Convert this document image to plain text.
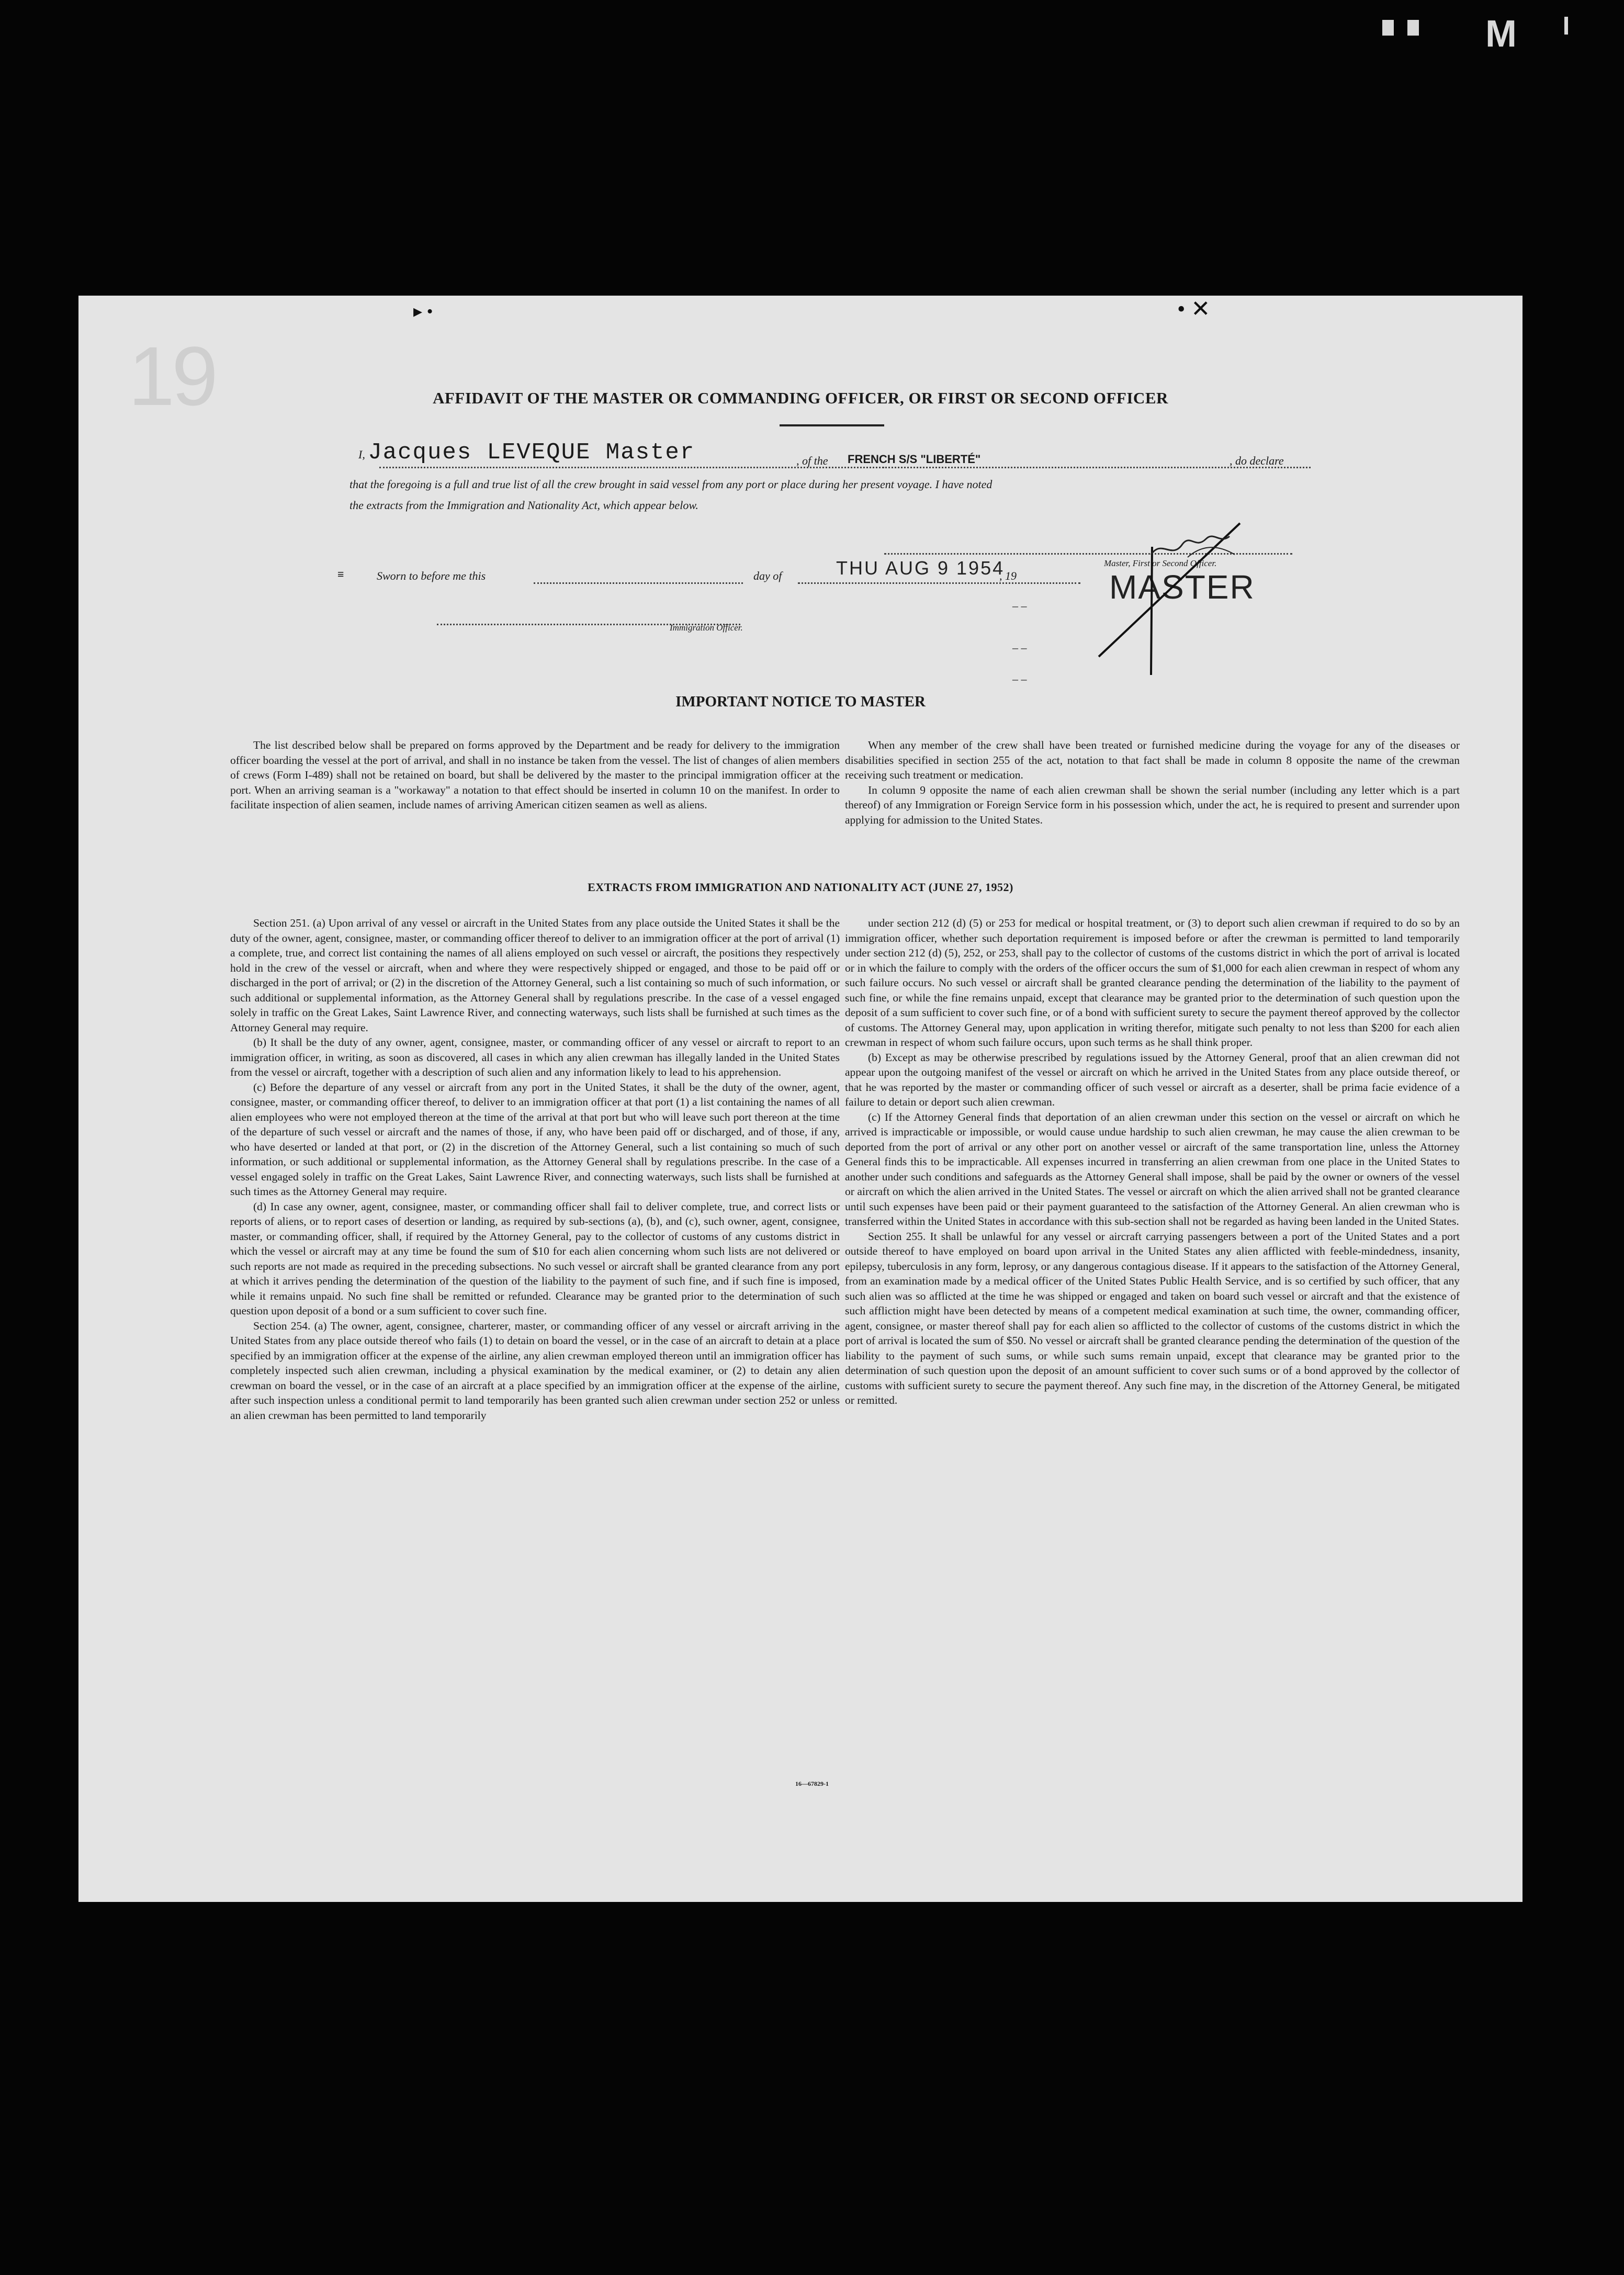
M
19
▸ •	• ✕
AFFIDAVIT OF THE MASTER OR COMMANDING OFFICER, OR FIRST OR SECOND OFFICER
I, Jacques LEVEQUE Master	, of the FRENCH S/S "LIBERTÉ"	, do declare
that the foregoing is a full and true list of all the crew brought in said vessel from any port or place during her present voyage. I have noted
the extracts from the Immigration and Nationality Act, which appear below.
≡	Sworn to before me this	day of	THU AUG 9 1954
, 19
Immigration Officer.
Master, First or Second Officer.
MASTER
– –
– –
– –
IMPORTANT NOTICE TO MASTER

The list described below shall be prepared on forms approved by the Department and be ready for delivery to the immigration officer boarding the vessel at the port of arrival, and shall in no instance be taken from the vessel. The list of changes of alien members of crews (Form I-489) shall not be retained on board, but shall be delivered by the master to the principal immigration officer at the port. When an arriving seaman is a "workaway" a notation to that effect should be inserted in column 10 on the manifest. In order to facilitate inspection of alien seamen, include names of arriving American citizen seamen as well as aliens.

When any member of the crew shall have been treated or furnished medicine during the voyage for any of the diseases or disabilities specified in section 255 of the act, notation to that fact shall be made in column 8 opposite the name of the crewman receiving such treatment or medication.

In column 9 opposite the name of each alien crewman shall be shown the serial number (including any letter which is a part thereof) of any Immigration or Foreign Service form in his possession which, under the act, he is required to present and surrender upon applying for admission to the United States.

EXTRACTS FROM IMMIGRATION AND NATIONALITY ACT (JUNE 27, 1952)

Section 251. (a) Upon arrival of any vessel or aircraft in the United States from any place outside the United States it shall be the duty of the owner, agent, consignee, master, or commanding officer thereof to deliver to an immigration officer at the port of arrival (1) a complete, true, and correct list containing the names of all aliens employed on such vessel or aircraft, the positions they respectively hold in the crew of the vessel or aircraft, when and where they were respectively shipped or engaged, and those to be paid off or discharged in the port of arrival; or (2) in the discretion of the Attorney General, such a list containing so much of such information, or such additional or supplemental information, as the Attorney General shall by regulations prescribe. In the case of a vessel engaged solely in traffic on the Great Lakes, Saint Lawrence River, and connecting waterways, such lists shall be furnished at such times as the Attorney General may require.

(b) It shall be the duty of any owner, agent, consignee, master, or commanding officer of any vessel or aircraft to report to an immigration officer, in writing, as soon as discovered, all cases in which any alien crewman has illegally landed in the United States from the vessel or aircraft, together with a description of such alien and any information likely to lead to his apprehension.

(c) Before the departure of any vessel or aircraft from any port in the United States, it shall be the duty of the owner, agent, consignee, master, or commanding officer thereof, to deliver to an immigration officer at that port (1) a list containing the names of all alien employees who were not employed thereon at the time of the arrival at that port but who will leave such port thereon at the time of the departure of such vessel or aircraft and the names of those, if any, who have been paid off or discharged, and of those, if any, who have deserted or landed at that port, or (2) in the discretion of the Attorney General, such a list containing so much of such information, or such additional or supplemental information, as the Attorney General shall by regulations prescribe. In the case of a vessel engaged solely in traffic on the Great Lakes, Saint Lawrence River, and connecting waterways, such lists shall be furnished at such times as the Attorney General may require.

(d) In case any owner, agent, consignee, master, or commanding officer shall fail to deliver complete, true, and correct lists or reports of aliens, or to report cases of desertion or landing, as required by sub-sections (a), (b), and (c), such owner, agent, consignee, master, or commanding officer, shall, if required by the Attorney General, pay to the collector of customs of any customs district in which the vessel or aircraft may at any time be found the sum of $10 for each alien concerning whom such lists are not delivered or such reports are not made as required in the preceding subsections. No such vessel or aircraft shall be granted clearance from any port at which it arrives pending the determination of the question of the liability to the payment of such fine, and if such fine is imposed, while it remains unpaid. No such fine shall be remitted or refunded. Clearance may be granted prior to the determination of such question upon deposit of a bond or a sum sufficient to cover such fine.

Section 254. (a) The owner, agent, consignee, charterer, master, or commanding officer of any vessel or aircraft arriving in the United States from any place outside thereof who fails (1) to detain on board the vessel, or in the case of an aircraft to detain at a place specified by an immigration officer at the expense of the airline, any alien crewman employed thereon until an immigration officer has completely inspected such alien crewman, including a physical examination by the medical examiner, or (2) to detain any alien crewman on board the vessel, or in the case of an aircraft at a place specified by an immigration officer at the expense of the airline, after such inspection unless a conditional permit to land temporarily has been granted such alien crewman under section 252 or unless an alien crewman has been permitted to land temporarily

under section 212 (d) (5) or 253 for medical or hospital treatment, or (3) to deport such alien crewman if required to do so by an immigration officer, whether such deportation requirement is imposed before or after the crewman is permitted to land temporarily under section 212 (d) (5), 252, or 253, shall pay to the collector of customs of the customs district in which the port of arrival is located or in which the failure to comply with the orders of the officer occurs the sum of $1,000 for each alien crewman in respect of whom any such failure occurs. No such vessel or aircraft shall be granted clearance pending the determination of the liability to the payment of such fine, or while the fine remains unpaid, except that clearance may be granted prior to the determination of such question upon the deposit of a sum sufficient to cover such fine, or of a bond with sufficient surety to secure the payment thereof approved by the collector of customs. The Attorney General may, upon application in writing therefor, mitigate such penalty to not less than $200 for each alien crewman in respect of whom such failure occurs, upon such terms as he shall think proper.

(b) Except as may be otherwise prescribed by regulations issued by the Attorney General, proof that an alien crewman did not appear upon the outgoing manifest of the vessel or aircraft on which he arrived in the United States from any place outside thereof, or that he was reported by the master or commanding officer of such vessel or aircraft as a deserter, shall be prima facie evidence of a failure to detain or deport such alien crewman.

(c) If the Attorney General finds that deportation of an alien crewman under this section on the vessel or aircraft on which he arrived is impracticable or impossible, or would cause undue hardship to such alien crewman, he may cause the alien crewman to be deported from the port of arrival or any other port on another vessel or aircraft of the same transportation line, unless the Attorney General finds this to be impracticable. All expenses incurred in transferring an alien crewman from one place in the United States to another under such conditions and safeguards as the Attorney General shall impose, shall be paid by the owner or owners of the vessel or aircraft on which the alien arrived in the United States. The vessel or aircraft on which the alien arrived shall not be granted clearance until such expenses have been paid or their payment guaranteed to the satisfaction of the Attorney General. An alien crewman who is transferred within the United States in accordance with this sub-section shall not be regarded as having been landed in the United States.

Section 255. It shall be unlawful for any vessel or aircraft carrying passengers between a port of the United States and a port outside thereof to have employed on board upon arrival in the United States any alien afflicted with feeble-mindedness, insanity, epilepsy, tuberculosis in any form, leprosy, or any dangerous contagious disease. If it appears to the satisfaction of the Attorney General, from an examination made by a medical officer of the United States Public Health Service, and is so certified by such officer, that any such alien was so afflicted at the time he was shipped or engaged and taken on board such vessel or aircraft and that the existence of such affliction might have been detected by means of a competent medical examination at such time, the owner, commanding officer, agent, consignee, or master thereof shall pay for each alien so afflicted to the collector of customs of the customs district in which the port of arrival is located the sum of $50. No vessel or aircraft shall be granted clearance pending the determination of the question of the liability to the payment of such sums, or while such sums remain unpaid, except that clearance may be granted prior to the determination of such question upon the deposit of an amount sufficient to cover such sums or of a bond approved by the collector of customs with sufficient surety to secure the payment thereof. Any such fine may, in the discretion of the Attorney General, be mitigated or remitted.

16—67829-1
